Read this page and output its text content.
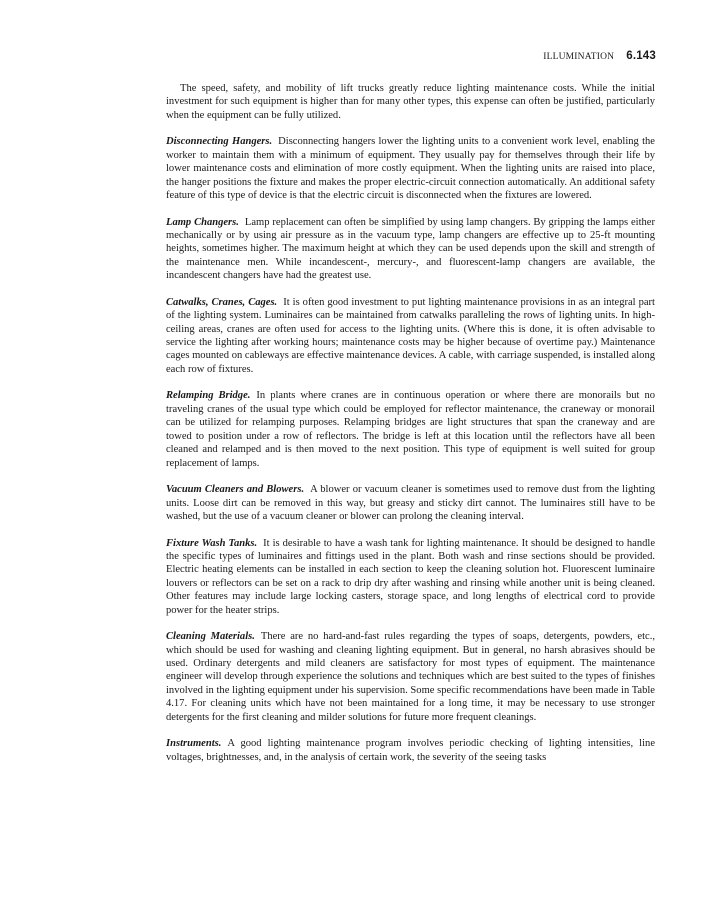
ILLUMINATION 6.143

The speed, safety, and mobility of lift trucks greatly reduce lighting maintenance costs. While the initial investment for such equipment is higher than for many other types, this expense can often be justified, particularly when the equipment can be fully utilized.

Disconnecting Hangers. Disconnecting hangers lower the lighting units to a convenient work level, enabling the worker to maintain them with a minimum of equipment. They usually pay for themselves through their life by lower maintenance costs and elimination of more costly equipment. When the lighting units are raised into place, the hanger positions the fixture and makes the proper electric-circuit connection automatically. An additional safety feature of this type of device is that the electric circuit is disconnected when the fixtures are lowered.

Lamp Changers. Lamp replacement can often be simplified by using lamp changers. By gripping the lamps either mechanically or by using air pressure as in the vacuum type, lamp changers are effective up to 25-ft mounting heights, sometimes higher. The maximum height at which they can be used depends upon the skill and strength of the maintenance men. While incandescent-, mercury-, and fluorescent-lamp changers are available, the incandescent changers have had the greatest use.

Catwalks, Cranes, Cages. It is often good investment to put lighting maintenance provisions in as an integral part of the lighting system. Luminaires can be maintained from catwalks paralleling the rows of lighting units. In high-ceiling areas, cranes are often used for access to the lighting units. (Where this is done, it is often advisable to service the lighting after working hours; maintenance costs may be higher because of overtime pay.) Maintenance cages mounted on cableways are effective maintenance devices. A cable, with carriage suspended, is installed along each row of fixtures.

Relamping Bridge. In plants where cranes are in continuous operation or where there are monorails but no traveling cranes of the usual type which could be employed for reflector maintenance, the craneway or monorail can be utilized for relamping purposes. Relamping bridges are light structures that span the craneway and are towed to position under a row of reflectors. The bridge is left at this location until the reflectors have all been cleaned and relamped and is then moved to the next position. This type of equipment is well suited for group replacement of lamps.

Vacuum Cleaners and Blowers. A blower or vacuum cleaner is sometimes used to remove dust from the lighting units. Loose dirt can be removed in this way, but greasy and sticky dirt cannot. The luminaires still have to be washed, but the use of a vacuum cleaner or blower can prolong the cleaning interval.

Fixture Wash Tanks. It is desirable to have a wash tank for lighting maintenance. It should be designed to handle the specific types of luminaires and fittings used in the plant. Both wash and rinse sections should be provided. Electric heating elements can be installed in each section to keep the cleaning solution hot. Fluorescent luminaire louvers or reflectors can be set on a rack to drip dry after washing and rinsing while another unit is being cleaned. Other features may include large locking casters, storage space, and long lengths of electrical cord to provide power for the heater strips.

Cleaning Materials. There are no hard-and-fast rules regarding the types of soaps, detergents, powders, etc., which should be used for washing and cleaning lighting equipment. But in general, no harsh abrasives should be used. Ordinary detergents and mild cleaners are satisfactory for most types of equipment. The maintenance engineer will develop through experience the solutions and techniques which are best suited to the types of finishes involved in the lighting equipment under his supervision. Some specific recommendations have been made in Table 4.17. For cleaning units which have not been maintained for a long time, it may be necessary to use stronger detergents for the first cleaning and milder solutions for future more frequent cleanings.

Instruments. A good lighting maintenance program involves periodic checking of lighting intensities, line voltages, brightnesses, and, in the analysis of certain work, the severity of the seeing tasks
